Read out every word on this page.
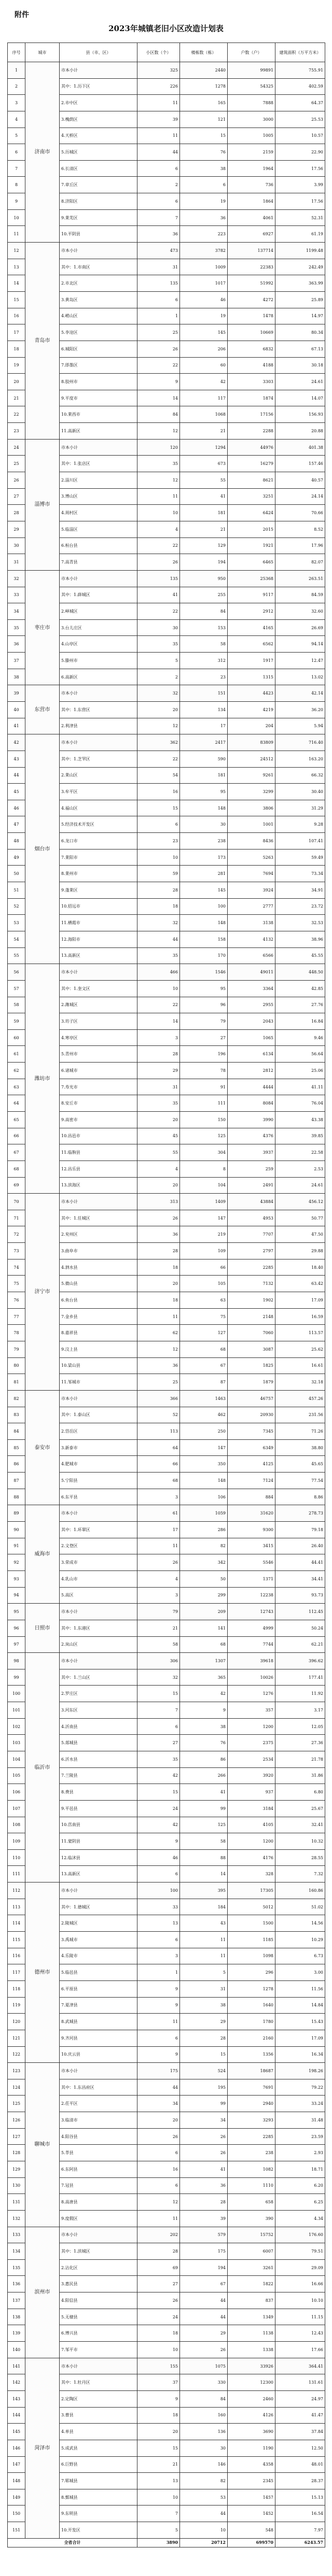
附件
2023年城镇老旧小区改造计划表
序号	城市	县（市、区）	小区数（个）	楼栋数（栋）	户数（户）	建筑面积（万平方米）
1	济南市	市本小计	325	2440	99891	755.91
2		其中：1.历下区	226	1278	54325	402.59
3		2.市中区	11	165	7888	64.37
4		3.槐荫区	39	121	3000	25.53
5		4.天桥区	11	15	1005	10.57
6		5.历城区	44	76	2159	22.90
7		6.长清区	6	38	1964	17.56
8		7.章丘区	2	6	736	3.99
9		8.济阳区	6	19	1864	17.56
10		9.莱芜区	7	36	4061	52.31
11		10.平阴县	36	223	6927	61.19
12	青岛市	市本小计	473	3782	137714	1199.48
13		其中：1.市南区	31	1009	22383	242.49
14		2.市北区	135	1017	51992	363.99
15		3.黄岛区	6	46	4272	25.89
16		4.崂山区	1	19	1478	14.97
17		5.李沧区	25	145	10669	80.34
18		6.城阳区	26	206	6832	67.13
19		7.即墨区	22	60	4188	30.18
20		8.胶州市	9	42	3303	24.61
21		9.平度市	14	117	1874	14.07
22		10.莱西市	84	1068	17156	156.93
23		11.高新区	12	21	2288	20.88
24	淄博市	市本小计	120	1294	44976	401.38
25		其中：1.张店区	35	673	16279	157.46
26		2.淄川区	12	55	8621	40.57
27		3.博山区	11	41	3251	24.14
28		4.周村区	10	181	6424	70.66
29		5.临淄区	4	21	2015	8.52
30		6.桓台县	22	129	1921	17.96
31		7.高青县	26	194	6465	82.07
32	枣庄市	市本小计	135	950	25368	263.51
33		其中：1.薛城区	41	255	9117	84.59
34		2.峄城区	22	84	2912	32.60
35		3.台儿庄区	30	153	4165	26.69
36		4.山亭区	35	58	6562	94.14
37		5.滕州市	5	312	1917	12.47
38		6.高新区	2	23	1315	13.02
39	东营市	市本小计	32	151	4423	42.14
40		其中：1.东营区	20	134	4219	36.20
41		2.利津县	12	17	204	5.94
42	烟台市	市本小计	362	2417	83809	716.40
43		其中：1.芝罘区	22	590	24512	163.20
44		2.莱山区	54	181	9261	66.32
45		3.牟平区	16	95	3299	30.40
46		4.福山区	15	148	3806	31.29
47		5.经济技术开发区	6	30	1001	9.28
48		6.龙口市	23	238	8436	107.41
49		7.莱阳市	10	173	5263	59.49
50		8.莱州市	59	281	7694	73.34
51		9.蓬莱区	28	145	3924	34.91
52		10.招远市	18	100	2777	23.72
53		11.栖霞市	32	148	3138	32.53
54		12.海阳市	44	158	4132	38.96
55		13.高新区	35	170	6566	45.55
56	潍坊市	市本小计	466	1546	49011	448.50
57		其中：1.奎文区	10	95	3364	42.85
58		2.潍城区	22	96	2955	27.76
59		3.坊子区	14	79	2043	16.84
60		4.寒亭区	3	27	1065	9.46
61		5.青州市	28	196	6134	56.64
62		6.诸城市	29	78	2812	25.06
63		7.寿光市	31	91	4444	41.11
64		8.安丘市	35	111	8084	76.04
65		9.高密市	20	150	3990	43.38
66		10.昌邑市	45	125	4376	39.85
67		11.临朐县	55	304	3937	22.58
68		12.昌乐县	4	8	259	2.53
69		13.滨海区	20	104	2491	24.61
70	济宁市	市本小计	313	1409	43884	456.12
71		其中：1.任城区	26	147	4953	50.77
72		2.兖州区	36	219	7707	47.50
73		3.曲阜市	28	109	2797	29.88
74		4.泗水县	18	66	2285	18.40
75		5.微山县	20	105	7132	63.42
76		6.鱼台县	18	63	1902	17.09
77		7.金乡县	11	75	2148	16.59
78		8.嘉祥县	62	127	7060	113.57
79		9.汶上县	12	68	3087	25.62
80		10.梁山县	36	67	1825	16.61
81		11.邹城市	25	87	1879	32.18
82	泰安市	市本小计	366	1463	46757	457.26
83		其中：1.泰山区	52	462	20930	231.56
84		2.岱岳区	113	250	7345	71.26
85		3.新泰市	64	147	6349	38.80
86		4.肥城市	66	350	4125	45.65
87		5.宁阳县	68	148	7124	77.54
88		6.东平县	3	106	884	8.86
89	威海市	市本小计	61	1059	31620	278.73
90		其中：1.环翠区	17	286	9300	79.18
91		2.文登区	11	82	3415	26.40
92		3.荣成市	26	342	5546	44.41
93		4.乳山市	4	50	1371	34.41
94		5.高区	3	299	12238	93.73
95	日照市	市本小计	79	209	12743	112.45
96		其中：1.东港区	21	141	4999	50.24
97		2.岚山区	58	68	7744	62.21
98	临沂市	市本小计	306	1307	39618	396.62
99		其中：1.兰山区	32	365	10026	177.41
100		2.罗庄区	15	42	1276	11.92
101		3.河东区	7	9	357	3.17
102		4.沂南县	6	38	1200	12.05
103		5.郯城县	27	76	2375	27.36
104		6.沂水县	35	86	2534	21.78
105		7.兰陵县	42	266	3920	31.86
106		8.费县	15	41	937	6.80
107		9.平邑县	24	99	3184	25.67
108		10.莒南县	42	125	4105	32.41
109		11.蒙阴县	9	58	1200	10.32
110		12.临沭县	46	88	4176	28.55
111		13.高新区	6	14	328	7.32
112	德州市	市本小计	100	395	17305	160.86
113		其中：1.德城区	33	184	5012	51.02
114		2.陵城区	13	43	1500	14.56
115		3.禹城市	6	11	1185	10.29
116		4.乐陵市	3	11	1098	6.73
117		5.临邑县	1	5	296	3.00
118		6.平原县	9	31	1278	11.56
119		7.夏津县	9	38	1640	14.84
120		8.武城县	11	29	1780	15.43
121		9.齐河县	6	28	2160	17.09
122		10.庆云县	9	15	1356	16.34
123	聊城市	市本小计	175	524	18687	198.26
124		其中：1.东昌府区	44	195	7691	79.22
125		2.茌平区	34	99	2940	33.24
126		3.临清市	20	34	3293	31.48
127		4.阳谷县	26	26	2285	23.59
128		5.莘县	6	26	238	2.93
129		6.东阿县	16	41	1082	18.71
130		7.冠县	6	36	1110	6.20
131		8.高唐县	12	28	658	6.25
132		9.度假区	11	39	390	4.34
133	滨州市	市本小计	202	579	15752	176.60
134		其中：1.滨城区	28	175	6007	79.51
135		2.沾化区	69	194	3261	29.09
136		3.惠民县	27	67	1822	16.66
137		4.阳信县	26	44	837	10.10
138		5.无棣县	24	44	1349	11.15
139		6.博兴县	18	29	1138	12.43
140		7.邹平市	10	26	1338	17.66
141	菏泽市	市本小计	155	1075	33926	364.41
142		其中：1.牡丹区	37	330	12300	131.61
143		2.定陶区	9	84	2460	24.97
144		3.曹县	18	160	4126	41.47
145		4.单县	20	136	3690	37.84
146		5.成武县	15	30	1190	12.50
147		6.巨野县	21	146	4358	48.01
148		7.郓城县	13	82	2345	28.37
149		8.鄄城县	10	53	1457	15.13
150		9.东明县	7	44	1452	16.54
151		10.开发区	5	10	548	7.97
全省合计			3890	20712	699570	6243.57
